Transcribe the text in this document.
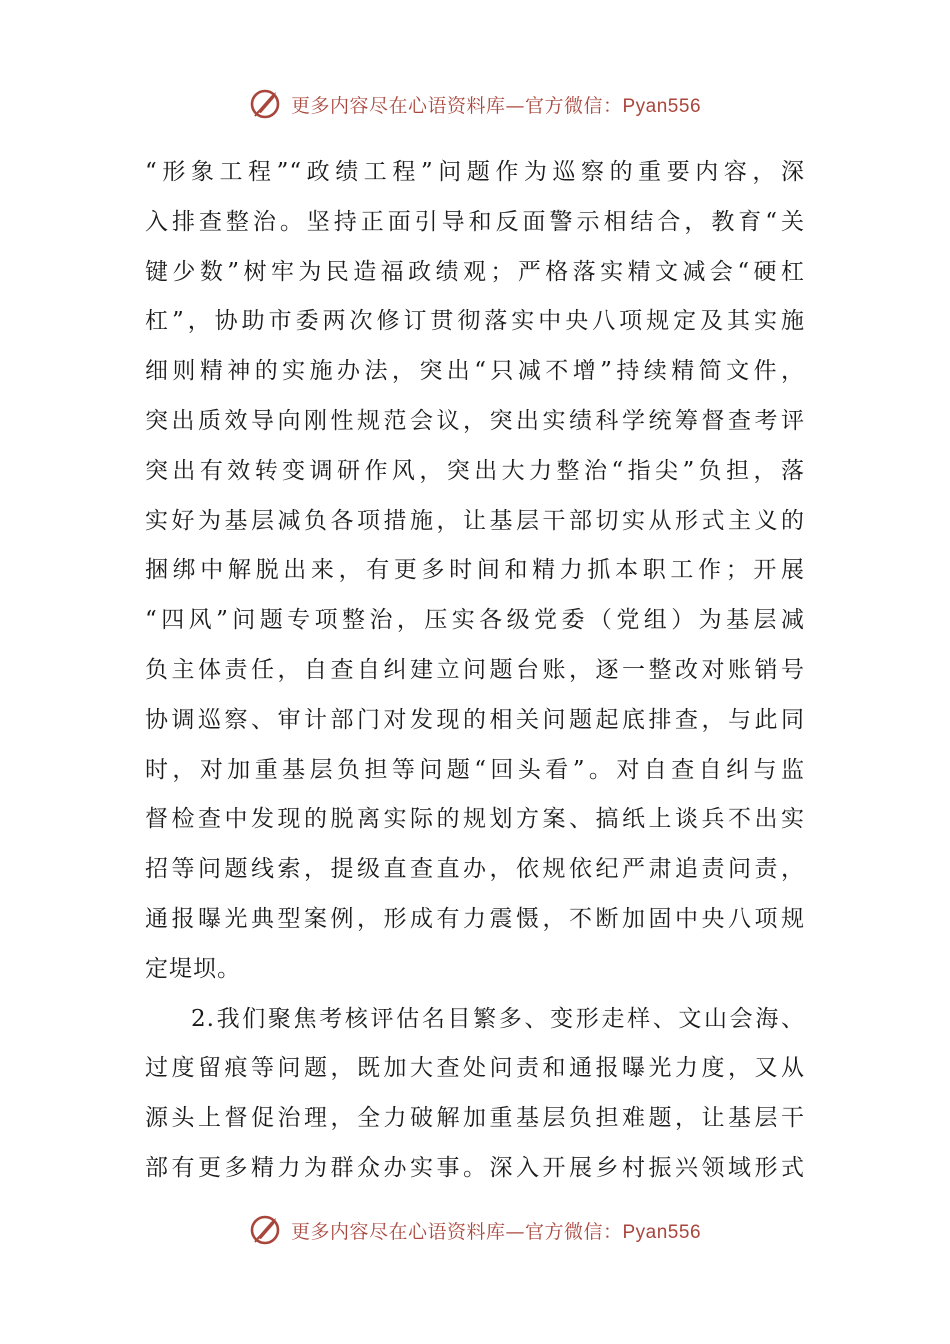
更多内容尽在心语资料库—官方微信：Pyan556
“形象工程”“政绩工程”问题作为巡察的重要内容，深
入排查整治。坚持正面引导和反面警示相结合，教育“关
键少数”树牢为民造福政绩观；严格落实精文减会“硬杠
杠”，协助市委两次修订贯彻落实中央八项规定及其实施
细则精神的实施办法，突出“只减不增”持续精简文件，
突出质效导向刚性规范会议，突出实绩科学统筹督查考评
突出有效转变调研作风，突出大力整治“指尖”负担，落
实好为基层减负各项措施，让基层干部切实从形式主义的
捆绑中解脱出来，有更多时间和精力抓本职工作；开展
“四风”问题专项整治，压实各级党委（党组）为基层减
负主体责任，自查自纠建立问题台账，逐一整改对账销号
协调巡察、审计部门对发现的相关问题起底排查，与此同
时，对加重基层负担等问题“回头看”。对自查自纠与监
督检查中发现的脱离实际的规划方案、搞纸上谈兵不出实
招等问题线索，提级直查直办，依规依纪严肃追责问责，
通报曝光典型案例，形成有力震慑，不断加固中央八项规
定堤坝。
2.我们聚焦考核评估名目繁多、变形走样、文山会海、
过度留痕等问题，既加大查处问责和通报曝光力度，又从
源头上督促治理，全力破解加重基层负担难题，让基层干
部有更多精力为群众办实事。深入开展乡村振兴领域形式
更多内容尽在心语资料库—官方微信：Pyan556
